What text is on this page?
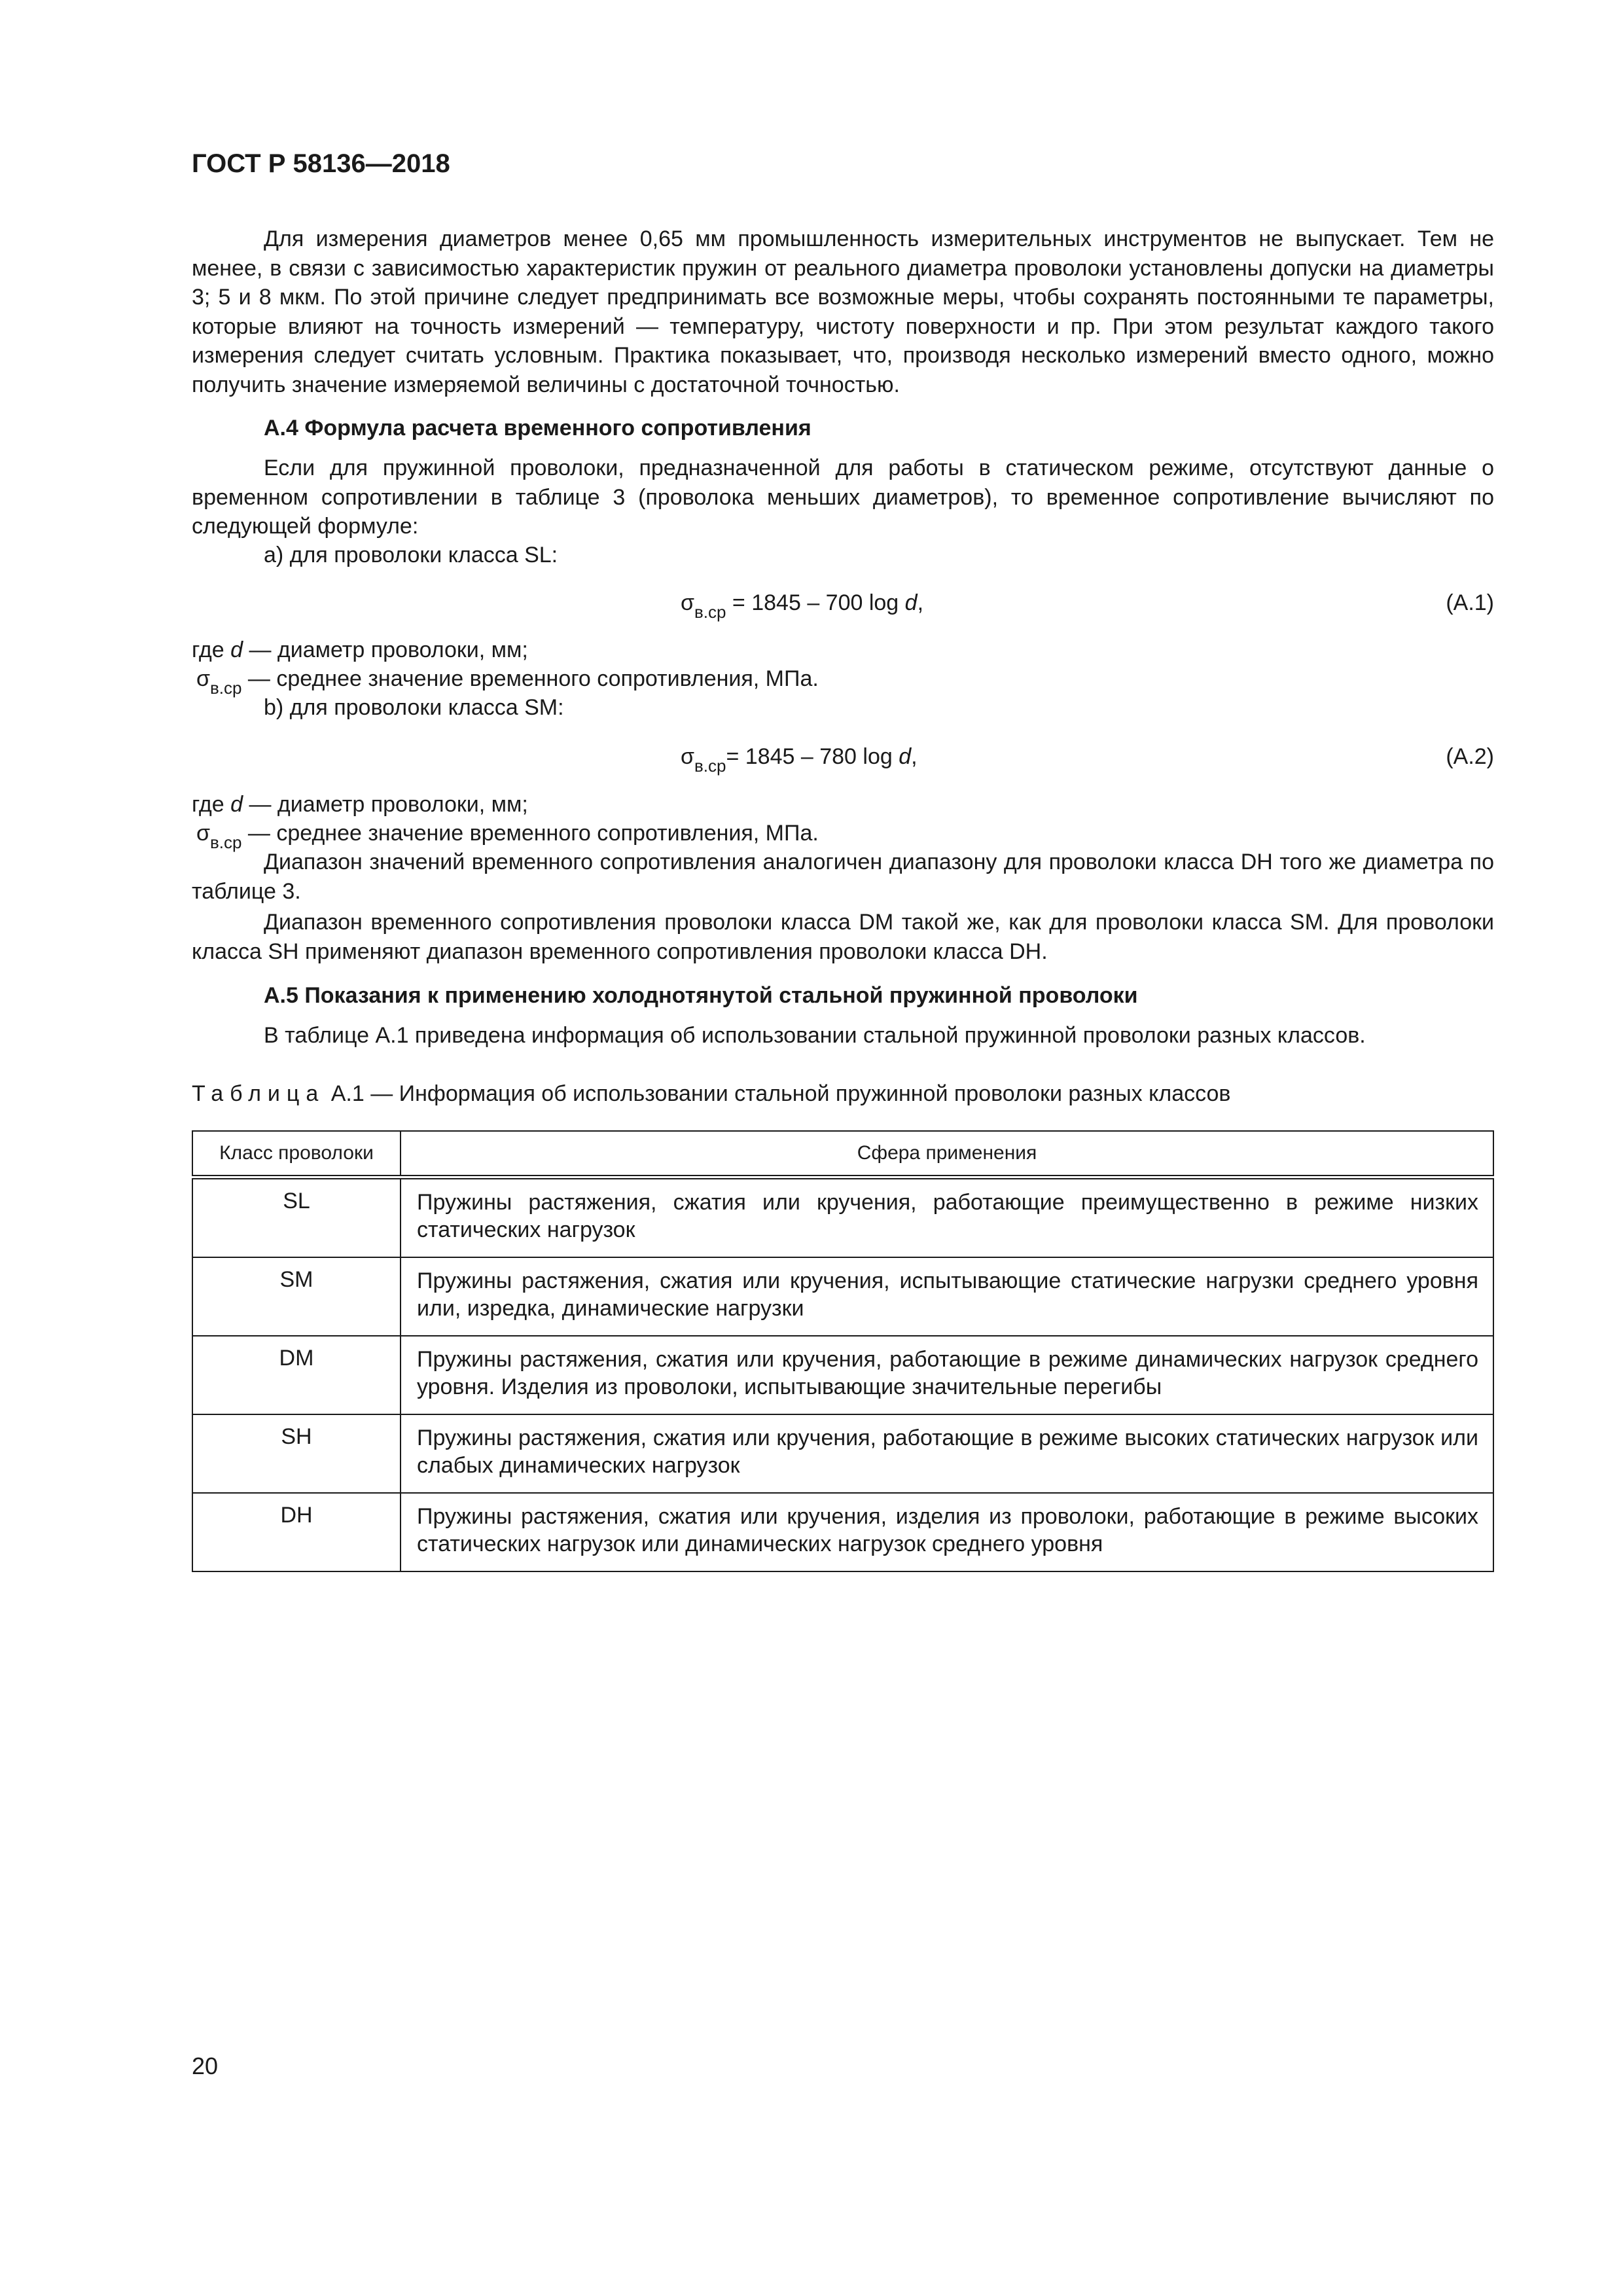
ГОСТ Р 58136—2018
Для измерения диаметров менее 0,65 мм промышленность измерительных инструментов не выпускает. Тем не менее, в связи с зависимостью характеристик пружин от реального диаметра проволоки установлены допуски на диаметры 3; 5 и 8 мкм. По этой причине следует предпринимать все возможные меры, чтобы сохранять постоянными те параметры, которые влияют на точность измерений — температуру, чистоту поверхности и пр. При этом результат каждого такого измерения следует считать условным. Практика показывает, что, производя несколько измерений вместо одного, можно получить значение измеряемой величины с достаточной точностью.
А.4 Формула расчета временного сопротивления
Если для пружинной проволоки, предназначенной для работы в статическом режиме, отсутствуют данные о временном сопротивлении в таблице 3 (проволока меньших диаметров), то временное сопротивление вычисляют по следующей формуле:
а) для проволоки класса SL:
$\sigma_{в.ср} = 1845 - 700$ log d,	(А.1)
где d — диаметр проволоки, мм;
$\sigma_{в.ср}$ — среднее значение временного сопротивления, МПа.
b) для проволоки класса SM:
$\sigma_{в.ср}= 1845 - 780$ log d,	(А.2)
где d — диаметр проволоки, мм;
$\sigma_{в.ср}$ — среднее значение временного сопротивления, МПа.
Диапазон значений временного сопротивления аналогичен диапазону для проволоки класса DH того же диаметра по таблице 3.
Диапазон временного сопротивления проволоки класса DM такой же, как для проволоки класса SM. Для проволоки класса SH применяют диапазон временного сопротивления проволоки класса DH.
А.5 Показания к применению холоднотянутой стальной пружинной проволоки
В таблице А.1 приведена информация об использовании стальной пружинной проволоки разных классов.
Таблица А.1 — Информация об использовании стальной пружинной проволоки разных классов
Класс проволоки	Сфера применения
SL	Пружины растяжения, сжатия или кручения, работающие преимущественно в режиме низких статических нагрузок
SM	Пружины растяжения, сжатия или кручения, испытывающие статические нагрузки среднего уровня или, изредка, динамические нагрузки
DM	Пружины растяжения, сжатия или кручения, работающие в режиме динамических нагрузок среднего уровня. Изделия из проволоки, испытывающие значительные перегибы
SH	Пружины растяжения, сжатия или кручения, работающие в режиме высоких статических нагрузок или слабых динамических нагрузок
DH	Пружины растяжения, сжатия или кручения, изделия из проволоки, работающие в режиме высоких статических нагрузок или динамических нагрузок среднего уровня
20
